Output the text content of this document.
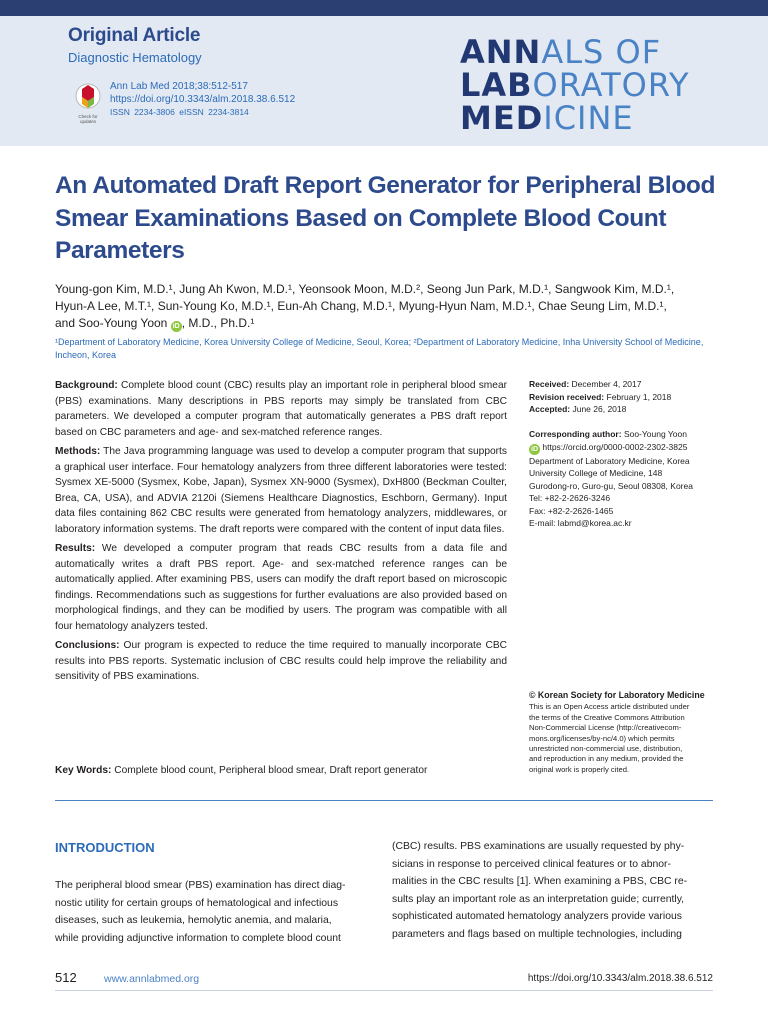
Original Article
Diagnostic Hematology
Check for updates
Ann Lab Med 2018;38:512-517
https://doi.org/10.3343/alm.2018.38.6.512
ISSN 2234-3806 eISSN 2234-3814
ANNALS OF
LABORATORY
MEDICINE
An Automated Draft Report Generator for Peripheral Blood Smear Examinations Based on Complete Blood Count Parameters
Young-gon Kim, M.D.¹, Jung Ah Kwon, M.D.¹, Yeonsook Moon, M.D.², Seong Jun Park, M.D.¹, Sangwook Kim, M.D.¹,
Hyun-A Lee, M.T.¹, Sun-Young Ko, M.D.¹, Eun-Ah Chang, M.D.¹, Myung-Hyun Nam, M.D.¹, Chae Seung Lim, M.D.¹,
and Soo-Young Yoon iD , M.D., Ph.D.¹
¹Department of Laboratory Medicine, Korea University College of Medicine, Seoul, Korea; ²Department of Laboratory Medicine, Inha University School of Medicine, Incheon, Korea

Background: Complete blood count (CBC) results play an important role in peripheral blood smear (PBS) examinations. Many descriptions in PBS reports may simply be translated from CBC parameters. We developed a computer program that automatically generates a PBS draft report based on CBC parameters and age- and sex-matched reference ranges.

Methods: The Java programming language was used to develop a computer program that supports a graphical user interface. Four hematology analyzers from three different laboratories were tested: Sysmex XE-5000 (Sysmex, Kobe, Japan), Sysmex XN-9000 (Sysmex), DxH800 (Beckman Coulter, Brea, CA, USA), and ADVIA 2120i (Siemens Healthcare Diagnostics, Eschborn, Germany). Input data files containing 862 CBC results were generated from hematology analyzers, middlewares, or laboratory information systems. The draft reports were compared with the content of input data files.

Results: We developed a computer program that reads CBC results from a data file and automatically writes a draft PBS report. Age- and sex-matched reference ranges can be automatically applied. After examining PBS, users can modify the draft report based on microscopic findings. Recommendations such as suggestions for further evaluations are also provided based on morphological findings, and they can be modified by users. The program was compatible with all four hematology analyzers tested.

Conclusions: Our program is expected to reduce the time required to manually incorporate CBC results into PBS reports. Systematic inclusion of CBC results could help improve the reliability and sensitivity of PBS examinations.

Key Words: Complete blood count, Peripheral blood smear, Draft report generator
Received: December 4, 2017
Revision received: February 1, 2018
Accepted: June 26, 2018
Corresponding author: Soo-Young Yoon
iD https://orcid.org/0000-0002-2302-3825
Department of Laboratory Medicine, Korea
University College of Medicine, 148
Gurodong-ro, Guro-gu, Seoul 08308, Korea
Tel: +82-2-2626-3246
Fax: +82-2-2626-1465
E-mail: labmd@korea.ac.kr
© Korean Society for Laboratory Medicine
This is an Open Access article distributed under
the terms of the Creative Commons Attribution
Non-Commercial License (http://creativecom-
mons.org/licenses/by-nc/4.0) which permits
unrestricted non-commercial use, distribution,
and reproduction in any medium, provided the
original work is properly cited.
INTRODUCTION
The peripheral blood smear (PBS) examination has direct diag-
nostic utility for certain groups of hematological and infectious
diseases, such as leukemia, hemolytic anemia, and malaria,
while providing adjunctive information to complete blood count
(CBC) results. PBS examinations are usually requested by phy-
sicians in response to perceived clinical features or to abnor-
malities in the CBC results [1]. When examining a PBS, CBC re-
sults play an important role as an interpretation guide; currently,
sophisticated automated hematology analyzers provide various
parameters and flags based on multiple technologies, including
512	www.annlabmed.org	https://doi.org/10.3343/alm.2018.38.6.512
